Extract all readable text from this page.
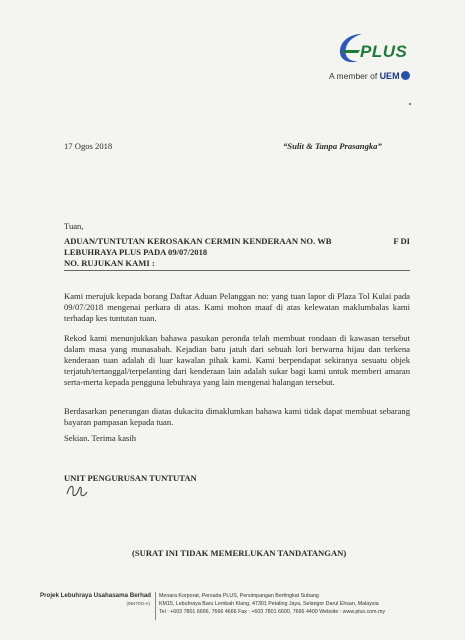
PLUS
A member of UEM
17 Ogos 2018	“Sulit & Tanpa Prasangka”
Tuan,
ADUAN/TUNTUTAN KEROSAKAN CERMIN KENDERAAN NO. WB	F DI
LEBUHRAYA PLUS PADA 09/07/2018
NO. RUJUKAN KAMI :
Kami merujuk kepada borang Daftar Aduan Pelanggan no: yang tuan lapor di Plaza Tol Kulai pada 09/07/2018 mengenai perkara di atas. Kami mohon maaf di atas kelewatan maklumbalas kami terhadap kes tuntutan tuan.
Rekod kami menunjukkan bahawa pasukan peronda telah membuat rondaan di kawasan tersebut dalam masa yang munasabah. Kejadian batu jatuh dari sebuah lori berwarna hijau dan terkena kenderaan tuan adalah di luar kawalan pihak kami. Kami berpendapat sekiranya sesuatu objek terjatuh/tertanggal/terpelanting dari kenderaan lain adalah sukar bagi kami untuk memberi amaran serta-merta kepada pengguna lebuhraya yang lain mengenai halangan tersebut.
Berdasarkan penerangan diatas dukacita dimaklumkan bahawa kami tidak dapat membuat sebarang bayaran pampasan kepada tuan.
Sekian. Terima kasih
UNIT PENGURUSAN TUNTUTAN
(SURAT INI TIDAK MEMERLUKAN TANDATANGAN)
Projek Lebuhraya Usahasama Berhad
(98470O-A)
Menara Korporat, Persada PLUS, Persimpangan Bertingkat Subang
KM15, Lebuhraya Baru Lembah Klang, 47301 Petaling Jaya, Selangor Darul Ehsan, Malaysia
Tel : +603 7801 6666, 7666 4666 Fax : +603 7801 6600, 7666 4400 Website : www.plus.com.my
